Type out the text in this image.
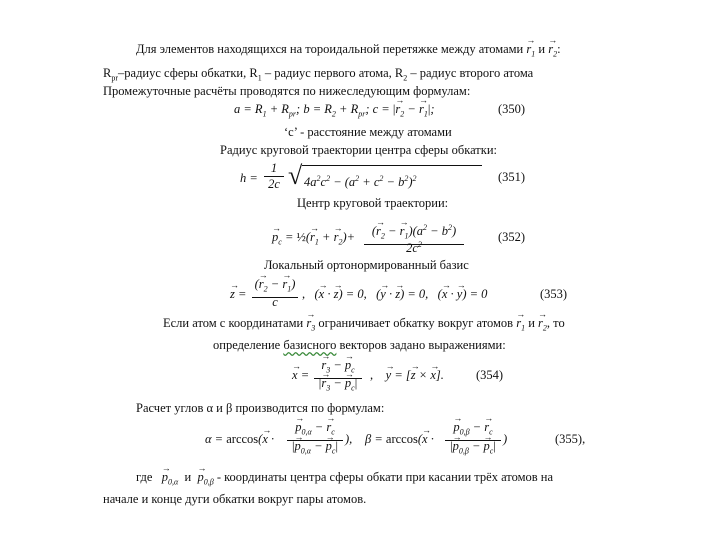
Для элементов находящихся на тороидальной перетяжке между атомами → $r_1$ $и \to r_2$:
$R_{рr}$–радиус сферы обкатки, $R_1$ – радиус первого атома, $R_2$ – радиус второго атома
Промежуточные расчёты проводятся по нижеследующим формулам:
$a = R_1 + R_{pr}$; $b = R_2 + R_{pr}$; c = |→ $r_2$ − → $r_1|$;	(350)
‘c’ - расстояние между атомами
Радиус круговой траектории центра сферы обкатки:
h =
1
2c √ $4a^2c^2 - (a^2 + c^2 - b^2)^2$	(351)
Центр круговой траектории:
→ $p_c$ = ½(→ $r_1$ + → $r_2)+$	(→ $r_2$ − → $r_1)(a^2 - b^2)$
$2c^2$
(352)
Локальный ортонормированный базис
→ z =
(→ $r_2$ − → $r_1$)
c
,   (→ x · → z) = 0,   (→ y · → z) = 0,   (→ x · → y) = 0	(353)
Если атом с координатами → $r_3$ ограничивает обкатку вокруг атомов → $r_1$ $и \to r_2$, то
определение базисного векторов задано выражениями:
→ x =
→ $r_3$ − → $p_c$
|→ $r_3$ − → $p_c|$
,    → y = [→ z × → x].	(354)
Расчет углов α и β производится по формулам:
α = arccos(→ x ·
→ $p_{0,\alpha}$ − → $r_c$
|→ $p_{0,\alpha}$ − → $p_c|$ ), β = arccos(→ x ·
→ $p_{0,\beta}$ − → $r_c$
|→ $p_{0,\beta}$ − → $p_c|$ )	(355),
где → $p_{0,\alpha}$ $и \to p_{0,\beta}$ - координаты центра сферы обкати при касании трёх атомов на
начале и конце дуги обкатки вокруг пары атомов.
